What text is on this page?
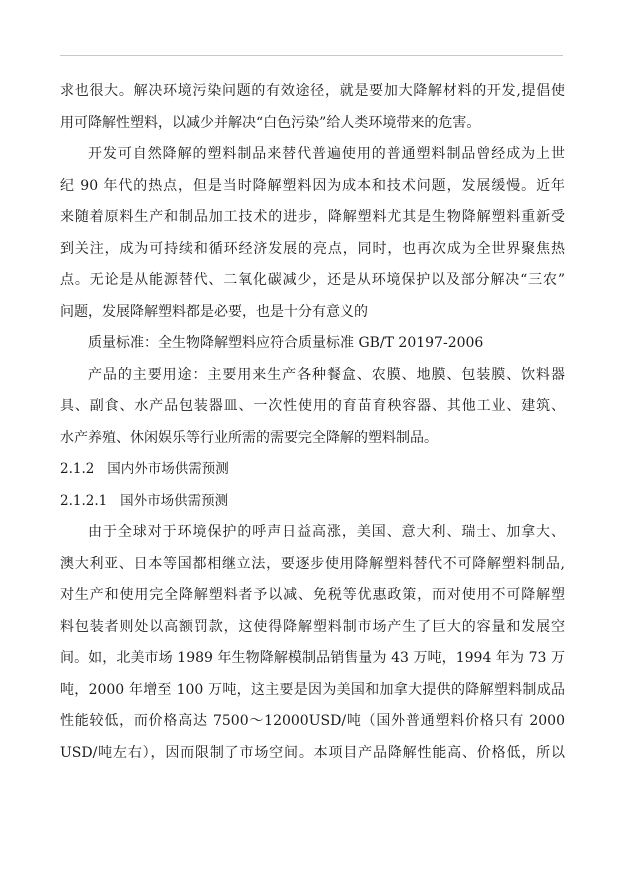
求也很大。解决环境污染问题的有效途径，就是要加大降解材料的开发,提倡使
用可降解性塑料，以减少并解决“白色污染”给人类环境带来的危害。
开发可自然降解的塑料制品来替代普遍使用的普通塑料制品曾经成为上世
纪 90 年代的热点，但是当时降解塑料因为成本和技术问题，发展缓慢。近年
来随着原料生产和制品加工技术的进步，降解塑料尤其是生物降解塑料重新受
到关注，成为可持续和循环经济发展的亮点，同时，也再次成为全世界聚焦热
点。无论是从能源替代、二氧化碳减少，还是从环境保护以及部分解决“三农”
问题，发展降解塑料都是必要，也是十分有意义的
质量标准：全生物降解塑料应符合质量标准 GB/T 20197-2006
产品的主要用途：主要用来生产各种餐盒、农膜、地膜、包装膜、饮料器
具、副食、水产品包装器皿、一次性使用的育苗育秧容器、其他工业、建筑、
水产养殖、休闲娱乐等行业所需的需要完全降解的塑料制品。
2.1.2 国内外市场供需预测
2.1.2.1 国外市场供需预测
由于全球对于环境保护的呼声日益高涨，美国、意大利、瑞士、加拿大、
澳大利亚、日本等国都相继立法，要逐步使用降解塑料替代不可降解塑料制品,
对生产和使用完全降解塑料者予以减、免税等优惠政策，而对使用不可降解塑
料包装者则处以高额罚款，这使得降解塑料制市场产生了巨大的容量和发展空
间。如，北美市场 1989 年生物降解模制品销售量为 43 万吨，1994 年为 73 万
吨，2000 年增至 100 万吨，这主要是因为美国和加拿大提供的降解塑料制成品
性能较低，而价格高达 7500～12000USD/吨（国外普通塑料价格只有 2000
USD/吨左右），因而限制了市场空间。本项目产品降解性能高、价格低，所以
